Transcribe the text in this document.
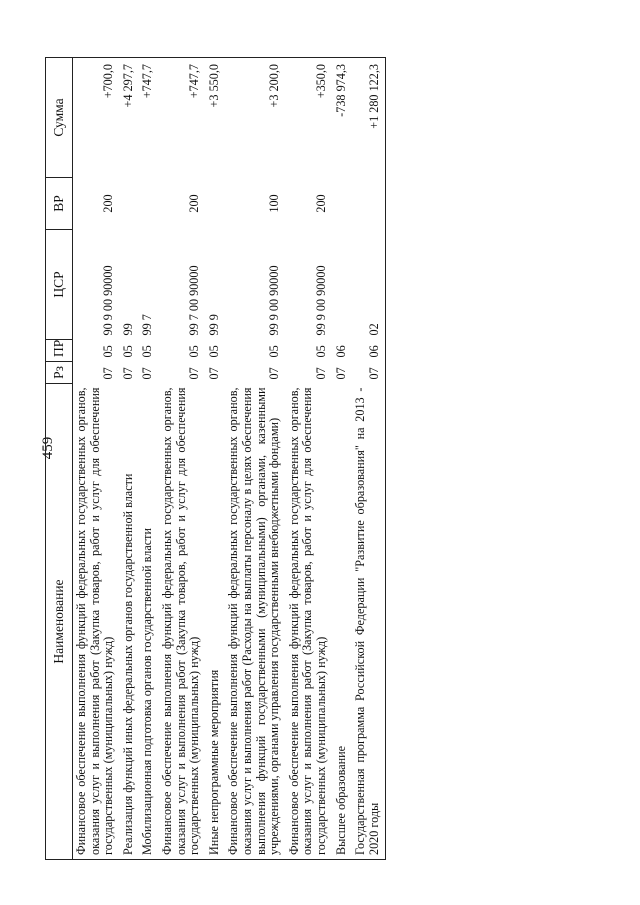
459
Наименование	Рз	ПР	ЦСР	ВР	Сумма
Финансовое обеспечение выполнения функций федеральных государственных органов, оказания услуг и выполнения работ (Закупка товаров, работ и услуг для обеспечения государственных (муниципальных) нужд)	07	05	90 9 00 90000	200	+700,0
Реализация функций иных федеральных органов государственной власти	07	05	99		+4 297,7
Мобилизационная подготовка органов государственной власти	07	05	99 7		+747,7
Финансовое обеспечение выполнения функций федеральных государственных органов, оказания услуг и выполнения работ (Закупка товаров, работ и услуг для обеспечения государственных (муниципальных) нужд)	07	05	99 7 00 90000	200	+747,7
Иные непрограммные мероприятия	07	05	99 9		+3 550,0
Финансовое обеспечение выполнения функций федеральных государственных органов, оказания услуг и выполнения работ (Расходы на выплаты персоналу в целях обеспечения выполнения функций государственными (муниципальными) органами, казенными учреждениями, органами управления государственными внебюджетными фондами)	07	05	99 9 00 90000	100	+3 200,0
Финансовое обеспечение выполнения функций федеральных государственных органов, оказания услуг и выполнения работ (Закупка товаров, работ и услуг для обеспечения государственных (муниципальных) нужд)	07	05	99 9 00 90000	200	+350,0
Высшее образование	07	06			-738 974,3
Государственная программа Российской Федерации "Развитие образования" на 2013 - 2020 годы	07	06	02		+1 280 122,3
